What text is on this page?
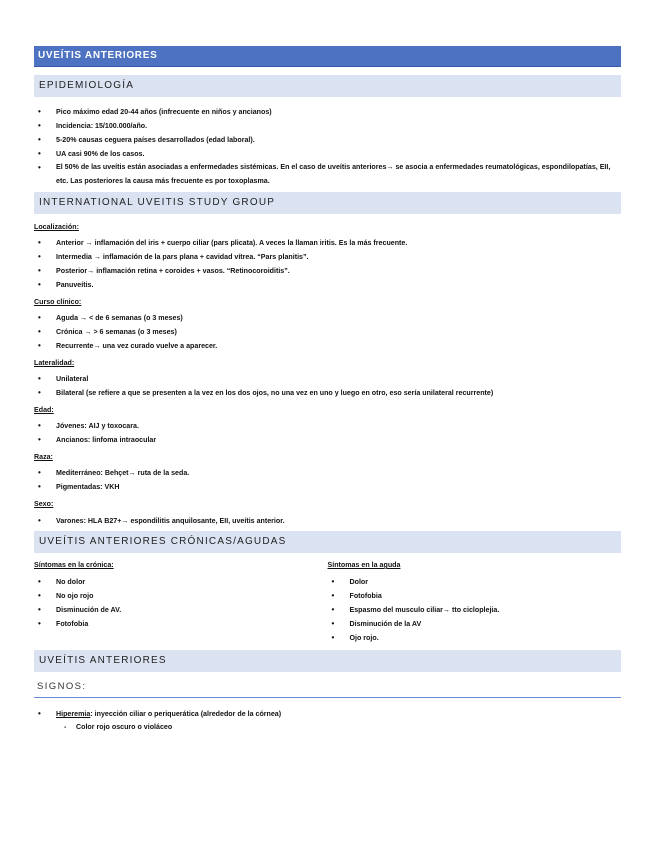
UVEÍTIS ANTERIORES
EPIDEMIOLOGÍA
• Pico máximo edad 20-44 años (infrecuente en niños y ancianos)
• Incidencia: 15/100.000/año.
• 5-20% causas ceguera países desarrollados (edad laboral).
• UA casi 90% de los casos.
• El 50% de las uveítis están asociadas a enfermedades sistémicas. En el caso de uveítis anteriores→ se asocia a enfermedades reumatológicas, espondilopatías, EII, etc. Las posteriores la causa más frecuente es por toxoplasma.
INTERNATIONAL UVEITIS STUDY GROUP
Localización:
• Anterior → inflamación del iris + cuerpo ciliar (pars plicata). A veces la llaman iritis. Es la más frecuente.
• Intermedia → inflamación de la pars plana + cavidad vítrea. “Pars planitis”.
• Posterior→ inflamación retina + coroides + vasos. “Retinocoroiditis”.
• Panuveítis.
Curso clínico:
• Aguda → < de 6 semanas (o 3 meses)
• Crónica → > 6 semanas (o 3 meses)
• Recurrente→ una vez curado vuelve a aparecer.
Lateralidad:
• Unilateral
• Bilateral (se refiere a que se presenten a la vez en los dos ojos, no una vez en uno y luego en otro, eso sería unilateral recurrente)
Edad:
• Jóvenes: AIJ y toxocara.
• Ancianos: linfoma intraocular
Raza:
• Mediterráneo: Behçet→ ruta de la seda.
• Pigmentadas: VKH
Sexo:
• Varones: HLA B27+→ espondilitis anquilosante, EII, uveítis anterior.
UVEÍTIS ANTERIORES CRÓNICAS/AGUDAS
Síntomas en la crónica:
• No dolor
• No ojo rojo
• Disminución de AV.
• Fotofobia
Síntomas en la aguda
• Dolor
• Fotofobia
• Espasmo del musculo ciliar→ tto cicloplejia.
• Disminución de la AV
• Ojo rojo.
UVEÍTIS ANTERIORES
SIGNOS:
• Hiperemia: inyección ciliar o periquerática (alrededor de la córnea)
- Color rojo oscuro o violáceo
